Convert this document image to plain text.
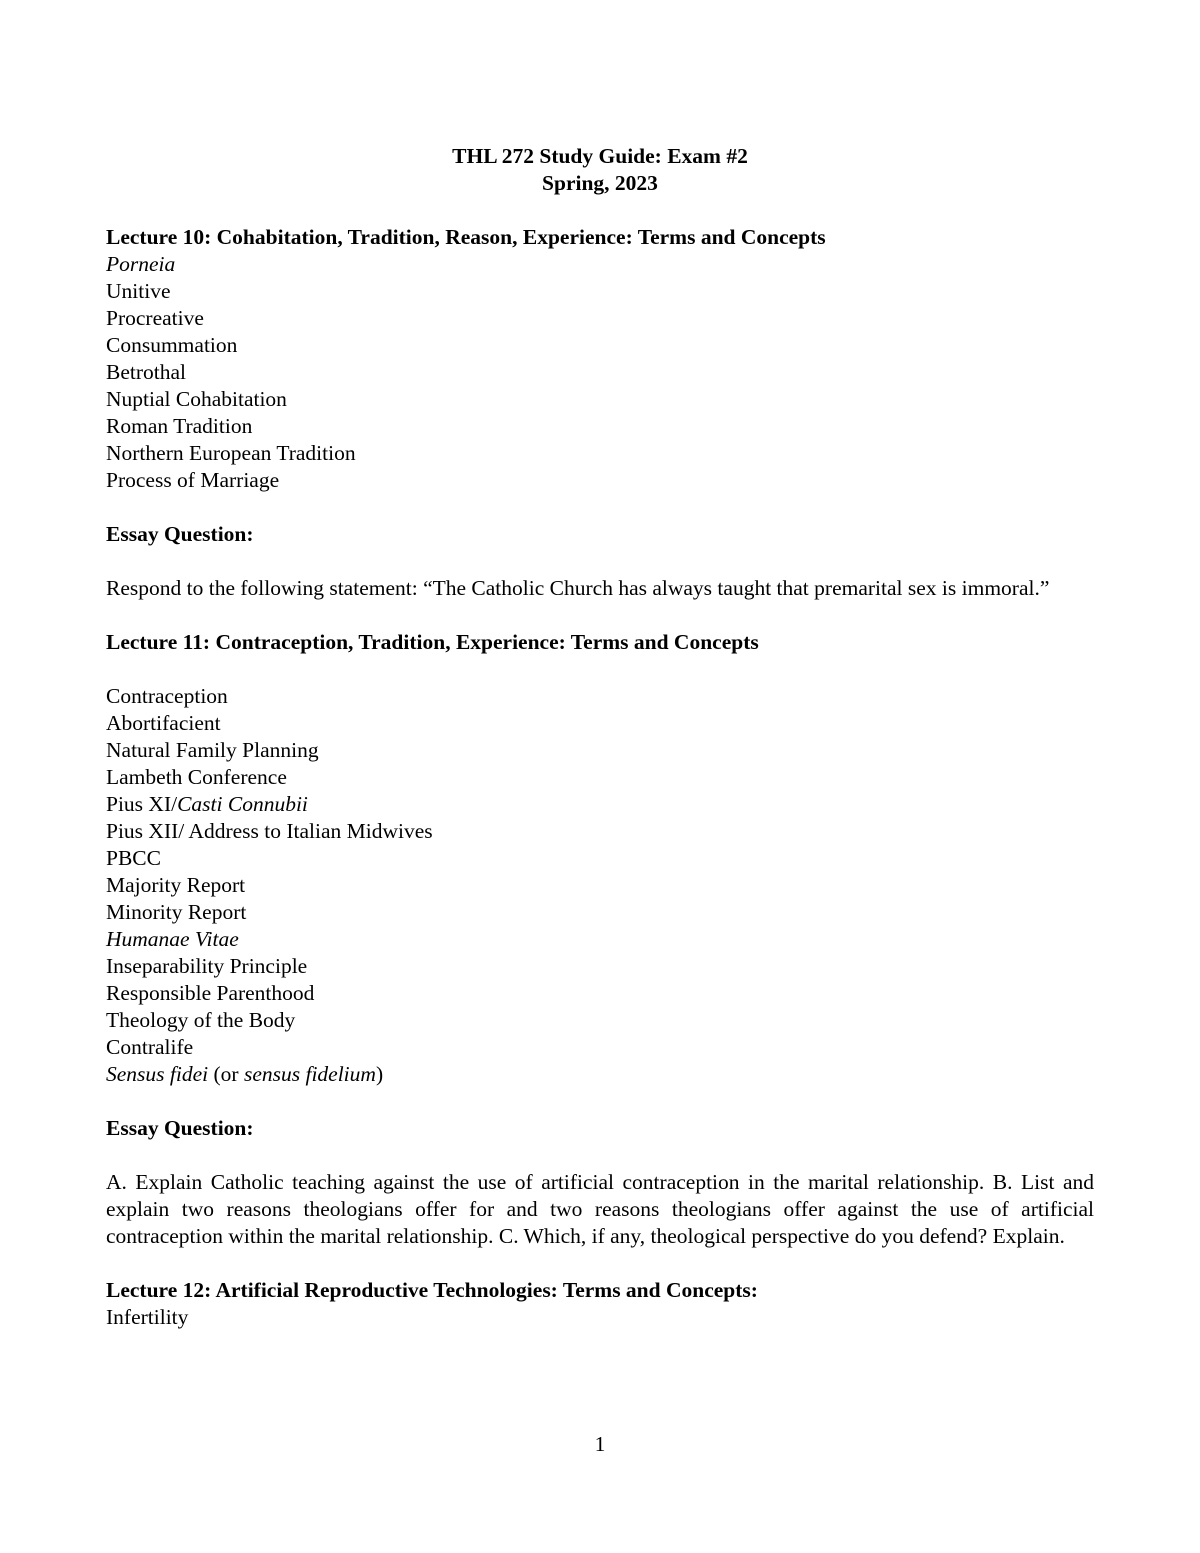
THL 272 Study Guide: Exam #2
Spring, 2023
Lecture 10: Cohabitation, Tradition, Reason, Experience: Terms and Concepts
Porneia
Unitive
Procreative
Consummation
Betrothal
Nuptial Cohabitation
Roman Tradition
Northern European Tradition
Process of Marriage
Essay Question:
Respond to the following statement: “The Catholic Church has always taught that premarital sex is immoral.”
Lecture 11: Contraception, Tradition, Experience: Terms and Concepts
Contraception
Abortifacient
Natural Family Planning
Lambeth Conference
Pius XI/Casti Connubii
Pius XII/ Address to Italian Midwives
PBCC
Majority Report
Minority Report
Humanae Vitae
Inseparability Principle
Responsible Parenthood
Theology of the Body
Contralife
Sensus fidei (or sensus fidelium)
Essay Question:
A. Explain Catholic teaching against the use of artificial contraception in the marital relationship. B. List and explain two reasons theologians offer for and two reasons theologians offer against the use of artificial contraception within the marital relationship. C. Which, if any, theological perspective do you defend? Explain.
Lecture 12: Artificial Reproductive Technologies: Terms and Concepts:
Infertility
1
